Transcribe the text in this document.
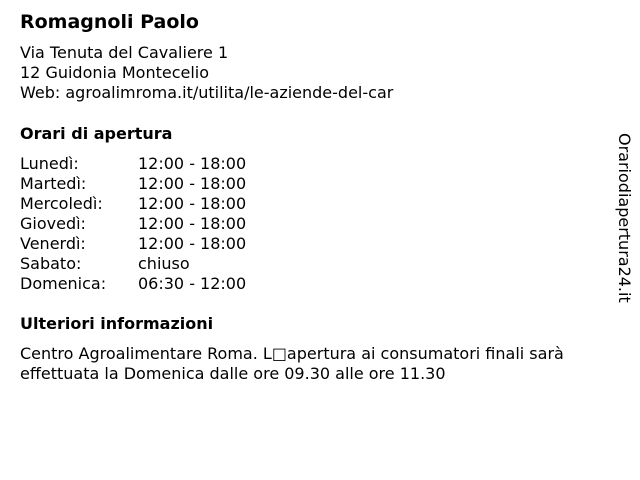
Romagnoli Paolo
Via Tenuta del Cavaliere 1
12 Guidonia Montecelio
Web: agroalimroma.it/utilita/le-aziende-del-car
Orari di apertura
Lunedì:	12:00 - 18:00
Martedì:	12:00 - 18:00
Mercoledì:	12:00 - 18:00
Giovedì:	12:00 - 18:00
Venerdì:	12:00 - 18:00
Sabato:	chiuso
Domenica:	06:30 - 12:00
Ulteriori informazioni

Centro Agroalimentare Roma. L□apertura ai consumatori finali sarà effettuata la Domenica dalle ore 09.30 alle ore 11.30

Orariodiapertura24.it
